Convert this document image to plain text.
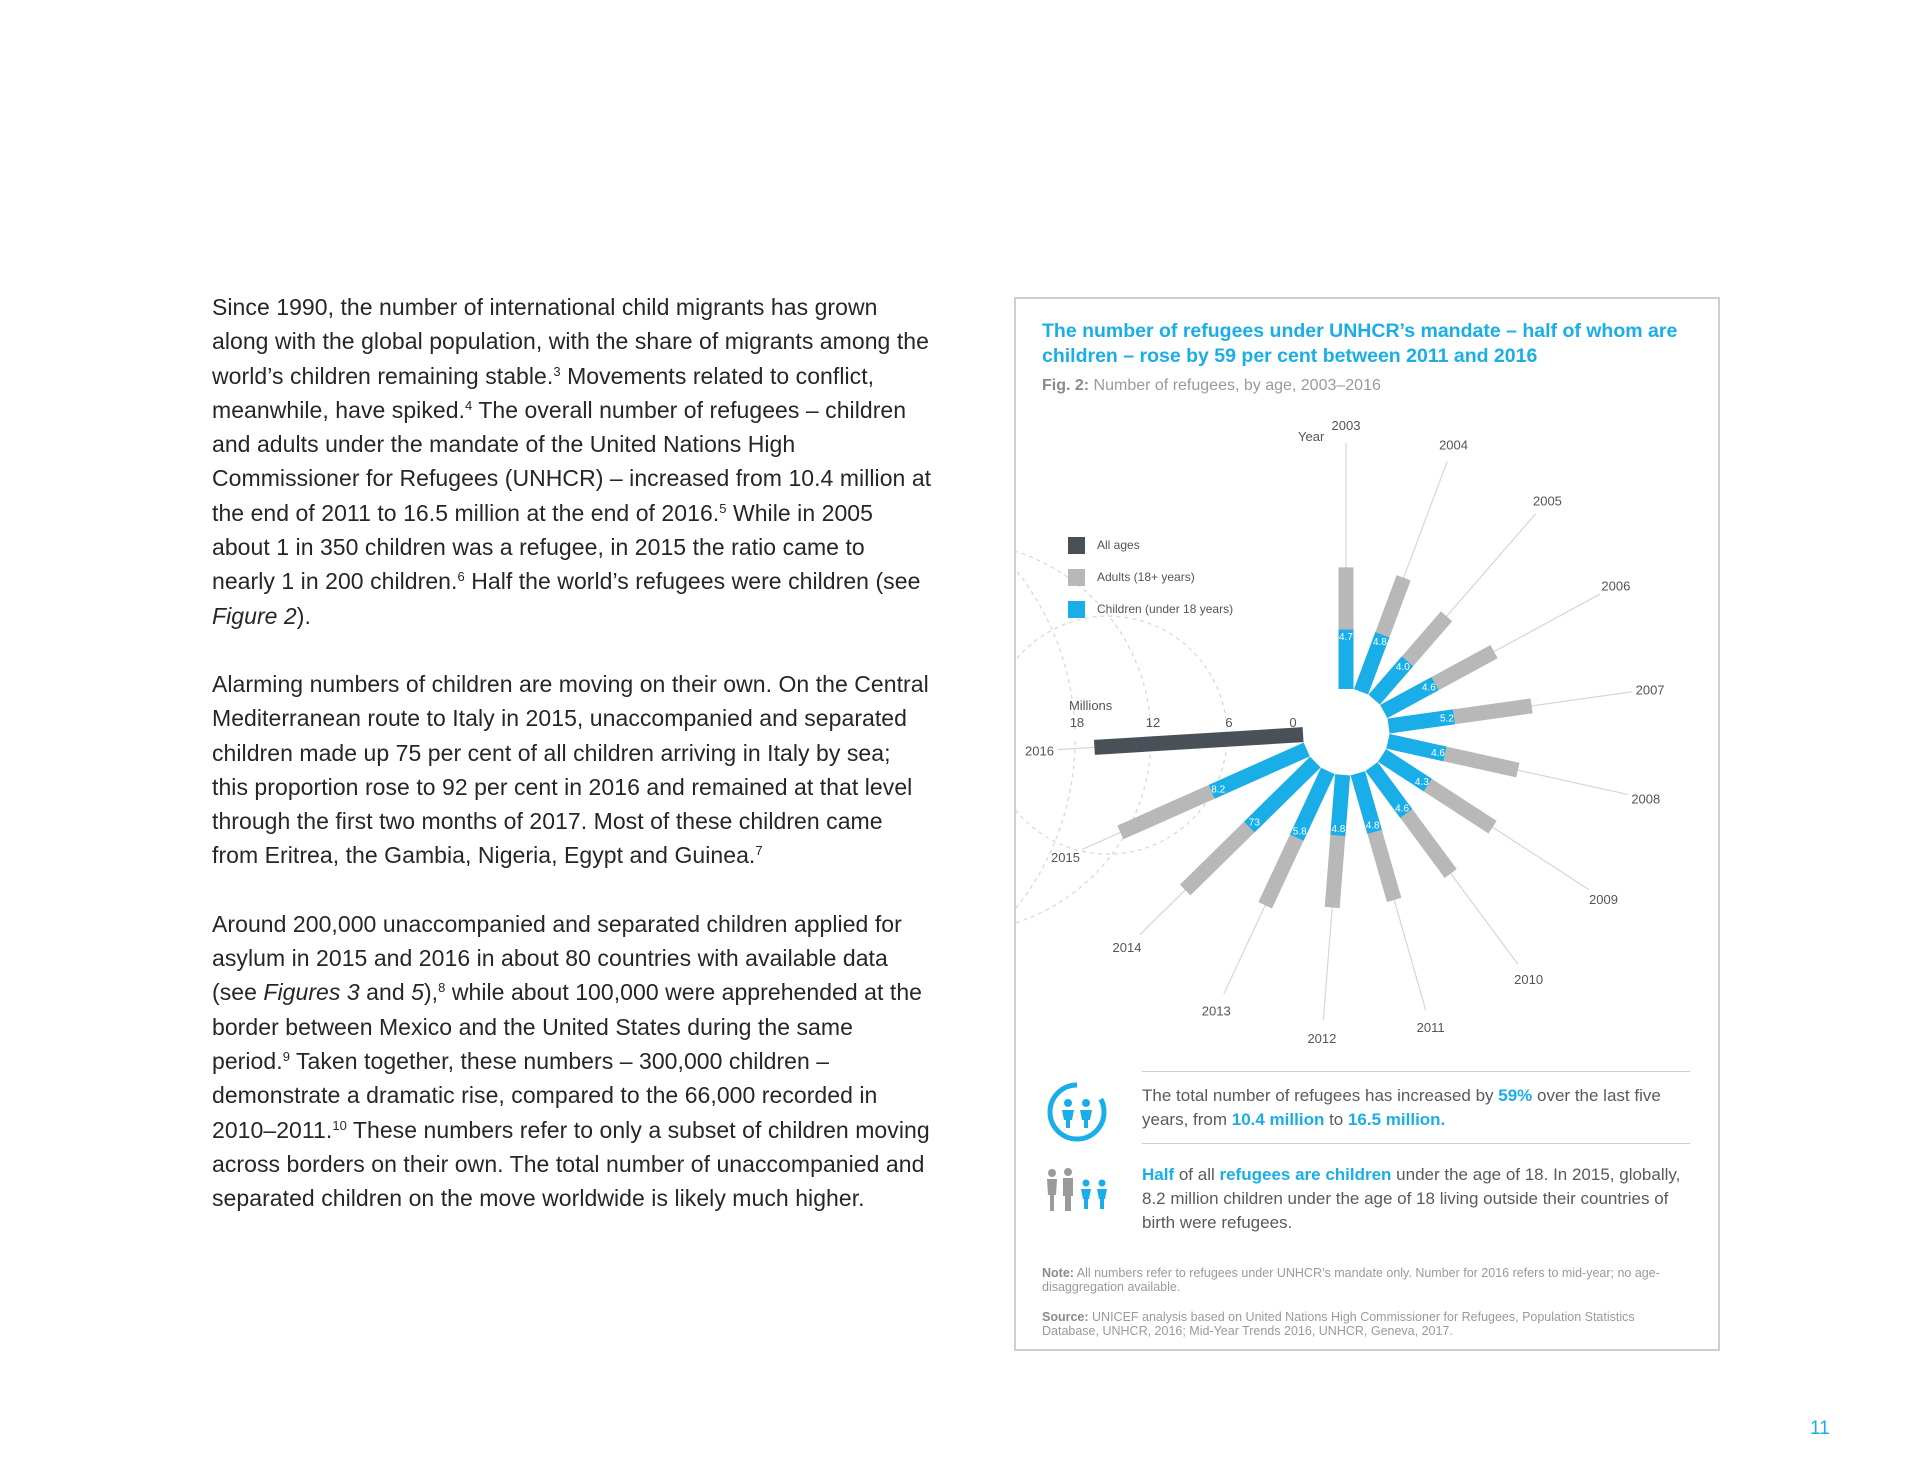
Since 1990, the number of international child migrants has grown along with the global population, with the share of migrants among the world’s children remaining stable.$^3$ Movements related to conflict, meanwhile, have spiked.$^4$ The overall number of refugees – children and adults under the mandate of the United Nations High Commissioner for Refugees (UNHCR) – increased from 10.4 million at the end of 2011 to 16.5 million at the end of 2016.$^5$ While in 2005 about 1 in 350 children was a refugee, in 2015 the ratio came to nearly 1 in 200 children.$^6$ Half the world’s refugees were children (see Figure 2).

Alarming numbers of children are moving on their own. On the Central Mediterranean route to Italy in 2015, unaccompanied and separated children made up 75 per cent of all children arriving in Italy by sea; this proportion rose to 92 per cent in 2016 and remained at that level through the first two months of 2017. Most of these children came from Eritrea, the Gambia, Nigeria, Egypt and Guinea.$^7$

Around 200,000 unaccompanied and separated children applied for asylum in 2015 and 2016 in about 80 countries with available data (see Figures 3 and 5),$^8$ while about 100,000 were apprehended at the border between Mexico and the United States during the same period.$^9$ Taken together, these numbers – 300,000 children – demonstrate a dramatic rise, compared to the 66,000 recorded in 2010–2011.10 These numbers refer to only a subset of children moving across borders on their own. The total number of unaccompanied and separated children on the move worldwide is likely much higher.

The number of refugees under UNHCR’s mandate – half of whom are children – rose by 59 per cent between 2011 and 2016
Fig. 2: Number of refugees, by age, 2003–2016
4.7
2003
4.8
2004
4.0
2005
4.6
2006
5.2
2007
4.6
2008
4.3
2009
4.6
2010
4.8
2011
4.8
2012
5.8
2013
73
2014
8.2
2015
2016
0
6
12
18
Millions
Year
All ages
Adults (18+ years)
Children (under 18 years)
The total number of refugees has increased by 59% over the last five years, from 10.4 million to 16.5 million.
Half of all refugees are children under the age of 18. In 2015, globally, 8.2 million children under the age of 18 living outside their countries of birth were refugees.
Note: All numbers refer to refugees under UNHCR’s mandate only. Number for 2016 refers to mid-year; no age-disaggregation available.
Source: UNICEF analysis based on United Nations High Commissioner for Refugees, Population Statistics Database, UNHCR, 2016; Mid-Year Trends 2016, UNHCR, Geneva, 2017.
11
